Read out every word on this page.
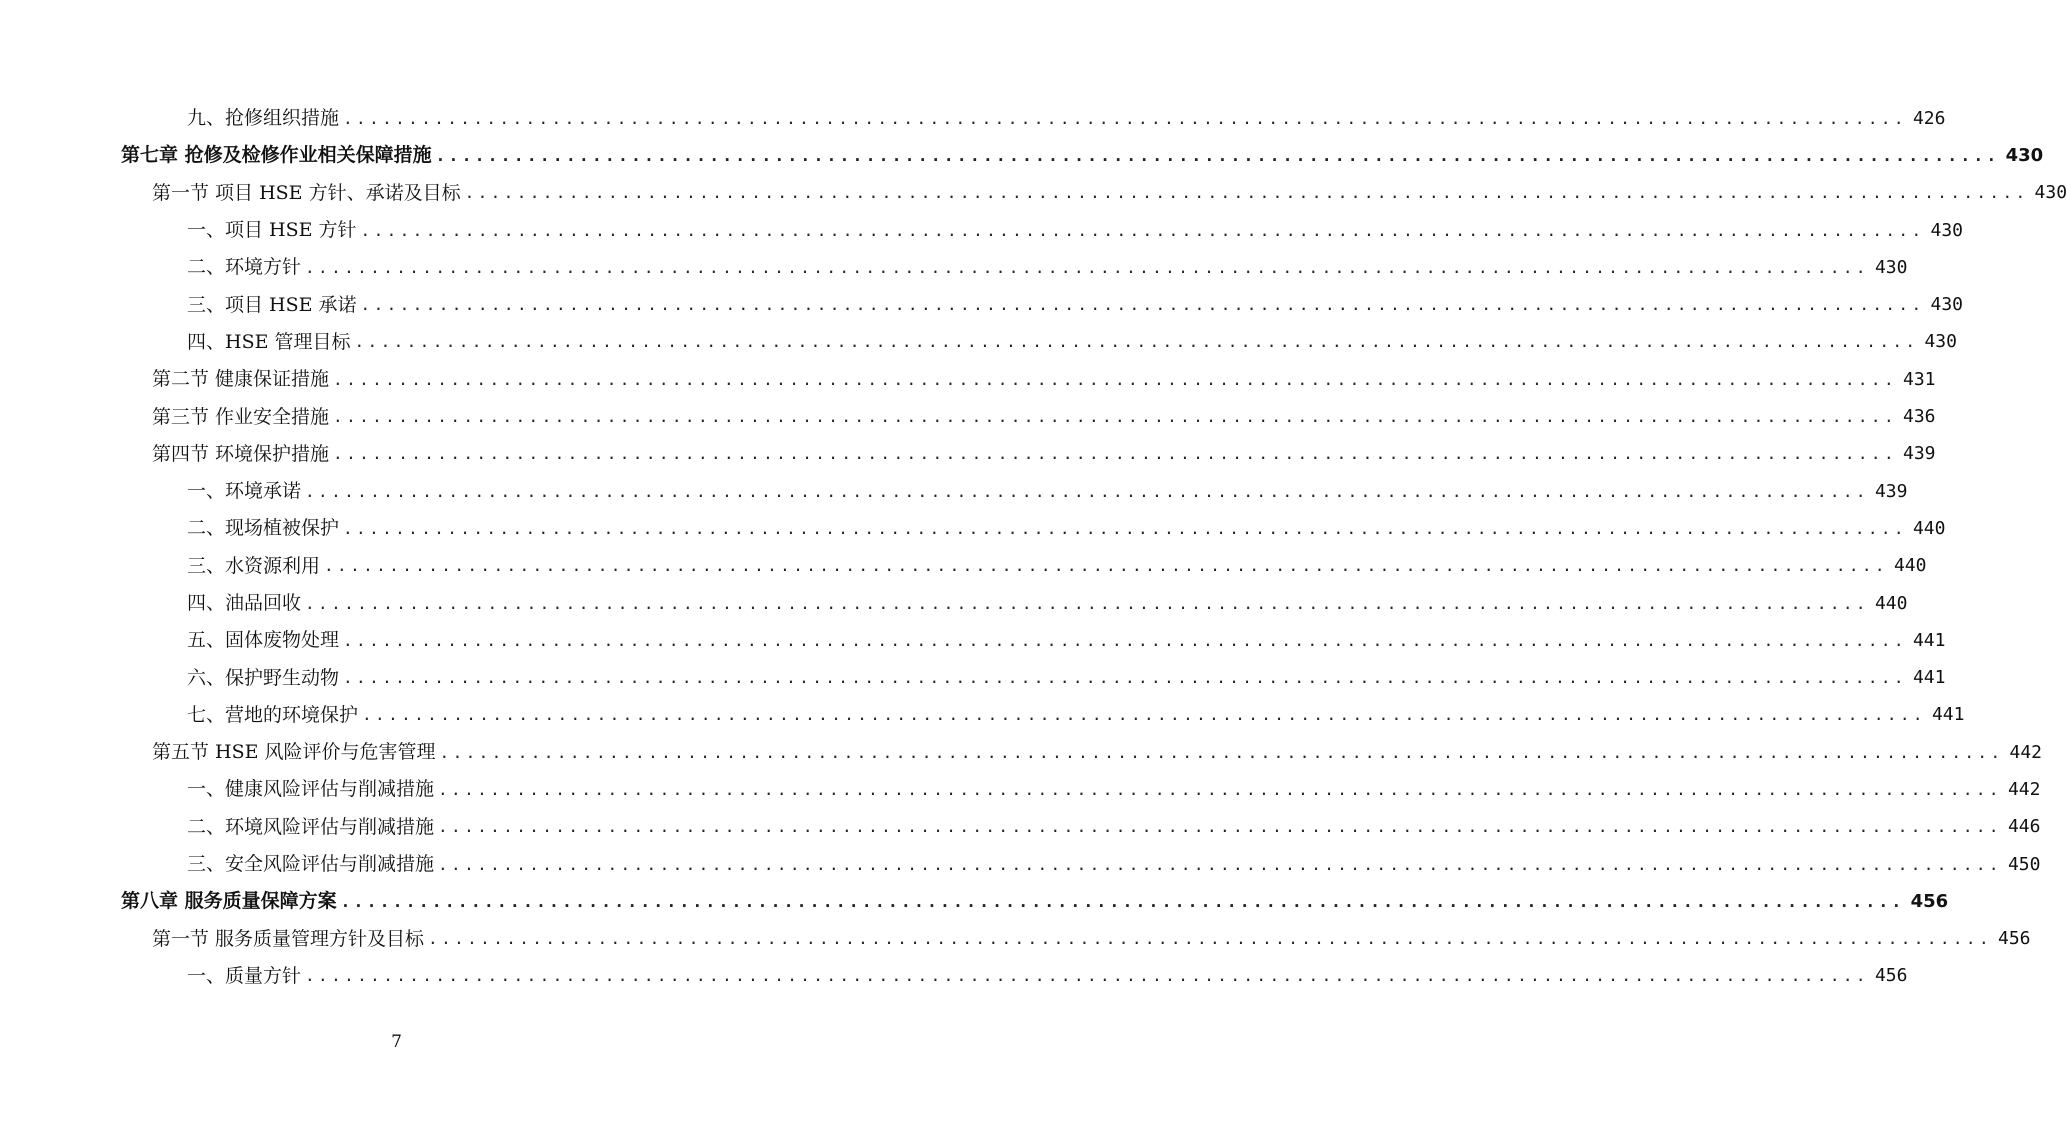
九、抢修组织措施 ........................................................................................................................ 426
第七章 抢修及检修作业相关保障措施 ........................................................................................................................ 430
第一节 项目 HSE 方针、承诺及目标 ........................................................................................................................ 430
一、项目 HSE 方针 ........................................................................................................................ 430
二、环境方针 ........................................................................................................................ 430
三、项目 HSE 承诺 ........................................................................................................................ 430
四、HSE 管理目标 ........................................................................................................................ 430
第二节 健康保证措施 ........................................................................................................................ 431
第三节 作业安全措施 ........................................................................................................................ 436
第四节 环境保护措施 ........................................................................................................................ 439
一、环境承诺 ........................................................................................................................ 439
二、现场植被保护 ........................................................................................................................ 440
三、水资源利用 ........................................................................................................................ 440
四、油品回收 ........................................................................................................................ 440
五、固体废物处理 ........................................................................................................................ 441
六、保护野生动物 ........................................................................................................................ 441
七、营地的环境保护 ........................................................................................................................ 441
第五节 HSE 风险评价与危害管理 ........................................................................................................................ 442
一、健康风险评估与削减措施 ........................................................................................................................ 442
二、环境风险评估与削减措施 ........................................................................................................................ 446
三、安全风险评估与削减措施 ........................................................................................................................ 450
第八章 服务质量保障方案 ........................................................................................................................ 456
第一节 服务质量管理方针及目标 ........................................................................................................................ 456
一、质量方针 ........................................................................................................................ 456
7
